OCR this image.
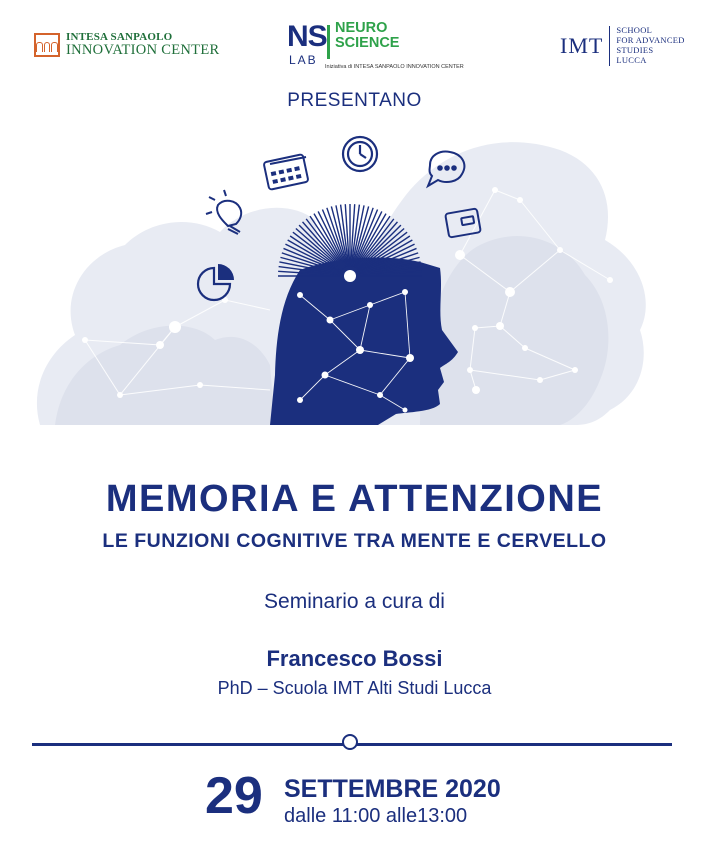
INTESA SANPAOLO
INNOVATION CENTER NS
LAB
NEURO
SCIENCE
Iniziativa di INTESA SANPAOLO INNOVATION CENTER
IMT
SCHOOL
FOR ADVANCED
STUDIES
LUCCA
PRESENTANO
MEMORIA E ATTENZIONE
LE FUNZIONI COGNITIVE TRA MENTE E CERVELLO
Seminario a cura di
Francesco Bossi
PhD – Scuola IMT Alti Studi Lucca
29 SETTEMBRE 2020
dalle 11:00 alle13:00
